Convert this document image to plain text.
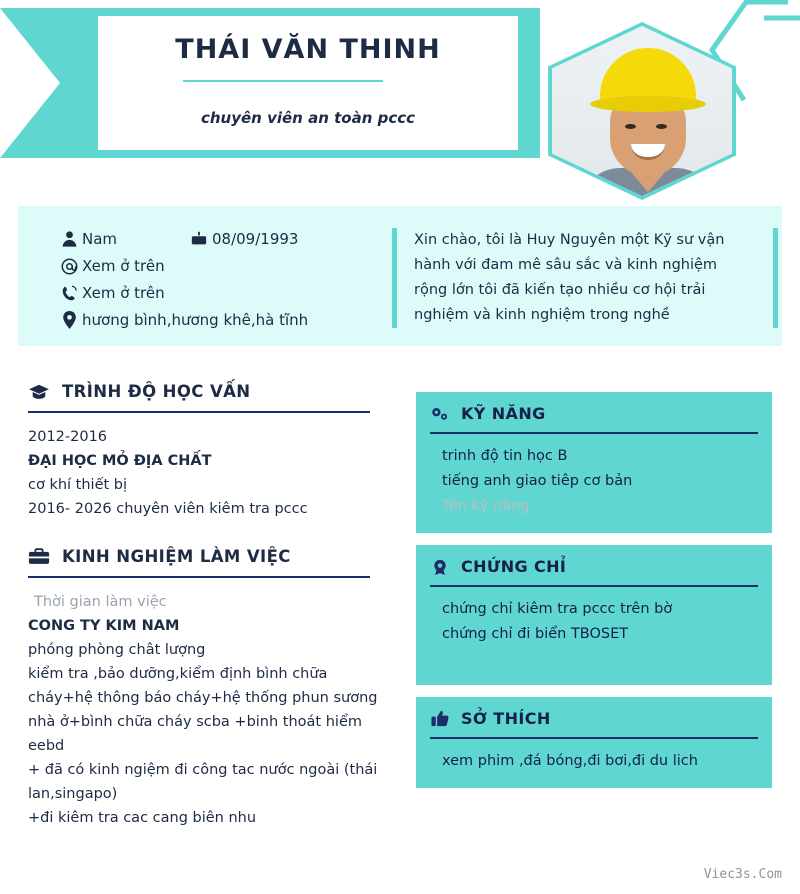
THÁI VĂN THINH
chuyên viên an toàn pccc
Nam	08/09/1993
Xem ở trên
Xem ở trên
hương bình,hương khê,hà tĩnh
Xin chào, tôi là Huy Nguyên một Kỹ sư vận hành với đam mê sâu sắc và kinh nghiệm rộng lớn tôi đã kiến tạo nhiều cơ hội trải nghiệm và kinh nghiệm trong nghề
TRÌNH ĐỘ HỌC VẤN
2012-2016
ĐẠI HỌC MỎ ĐỊA CHẤT
cơ khí thiết bị
2016- 2026 chuyên viên kiêm tra pccc
KINH NGHIỆM LÀM VIỆC
Thời gian làm việc
CONG TY KIM NAM
phóng phòng chât lượng
kiểm tra ,bảo dưỡng,kiểm định bình chữa cháy+hệ thông báo cháy+hệ thống phun sương nhà ở+bình chữa cháy scba +binh thoát hiểm eebd
+ đã có kinh ngiệm đi công tac nước ngoài (thái lan,singapo)
+đi kiêm tra cac cang biên nhu
KỸ NĂNG
trinh độ tin học B
tiếng anh giao tiêp cơ bản
Tên kỹ năng
CHỨNG CHỈ
chứng chỉ kiêm tra pccc trên bờ
chứng chỉ đi biển TBOSET
SỞ THÍCH
xem phim ,đá bóng,đi bơi,đi du lich
Viec3s.Com
